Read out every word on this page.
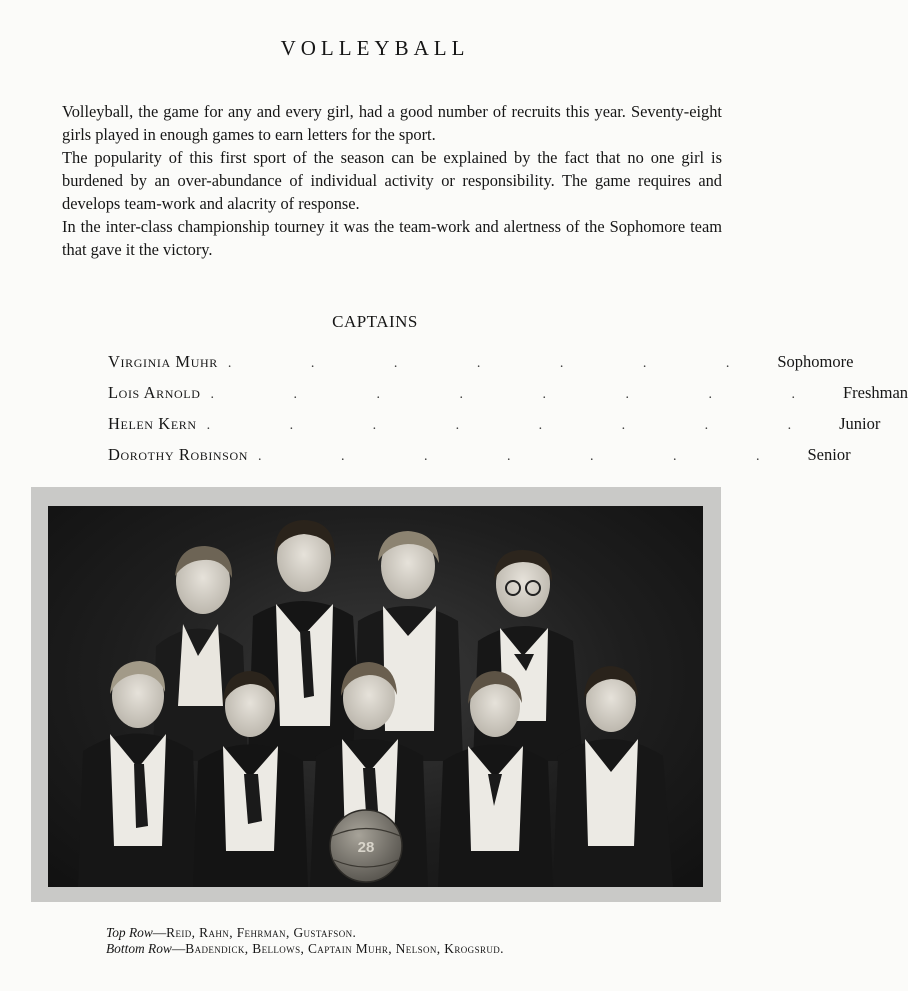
VOLLEYBALL

Volleyball, the game for any and every girl, had a good number of recruits this year. Seventy-eight girls played in enough games to earn letters for the sport.

The popularity of this first sport of the season can be explained by the fact that no one girl is burdened by an over-abundance of individual activity or responsibility. The game requires and develops team-work and alacrity of response.

In the inter-class championship tourney it was the team-work and alertness of the Sophomore team that gave it the victory.

CAPTAINS
Virginia Muhr . . . . . . . Sophomore
Lois Arnold . . . . . . . . Freshman
Helen Kern . . . . . . . . Junior
Dorothy Robinson . . . . . . . Senior
28
Top Row—Reid, Rahn, Fehrman, Gustafson.
Bottom Row—Badendick, Bellows, Captain Muhr, Nelson, Krogsrud.
